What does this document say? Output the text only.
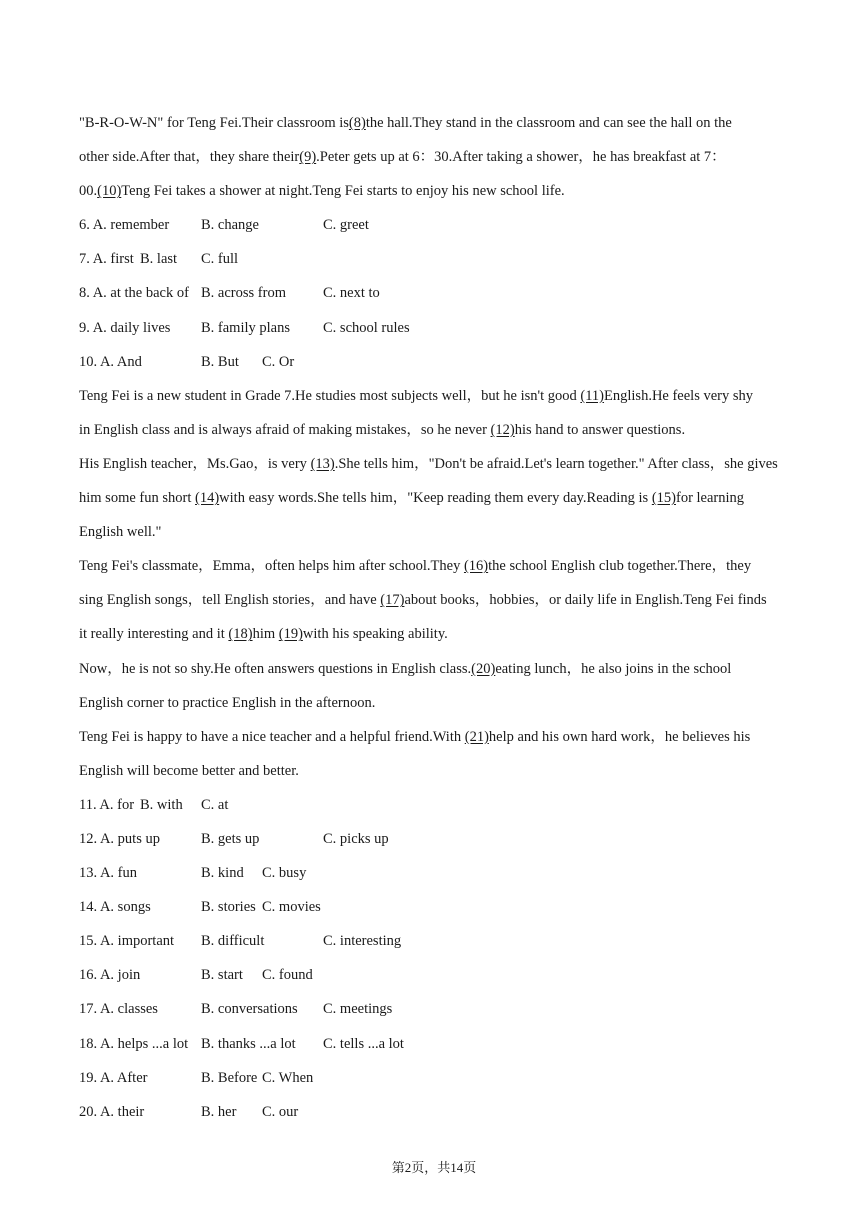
"B-R-O-W-N" for Teng Fei.Their classroom is(8)the hall.They stand in the classroom and can see the hall on the
other side.After that，they share their(9).Peter gets up at 6：30.After taking a shower，he has breakfast at 7：
00.(10)Teng Fei takes a shower at night.Teng Fei starts to enjoy his new school life.
6. A. remember B. change	C. greet
7. A. first B. last C. full
8. A. at the back of B. across from	C. next to
9. A. daily lives B. family plans C. school rules
10. A. And	B. But C. Or
Teng Fei is a new student in Grade 7.He studies most subjects well，but he isn't good (11)English.He feels very shy
in English class and is always afraid of making mistakes，so he never (12)his hand to answer questions.
His English teacher，Ms.Gao，is very (13).She tells him，"Don't be afraid.Let's learn together." After class，she gives
him some fun short (14)with easy words.She tells him，"Keep reading them every day.Reading is (15)for learning
English well."
Teng Fei's classmate，Emma，often helps him after school.They (16)the school English club together.There，they
sing English songs，tell English stories，and have (17)about books，hobbies，or daily life in English.Teng Fei finds
it really interesting and it (18)him (19)with his speaking ability.
Now，he is not so shy.He often answers questions in English class.(20)eating lunch，he also joins in the school
English corner to practice English in the afternoon.
Teng Fei is happy to have a nice teacher and a helpful friend.With (21)help and his own hard work，he believes his
English will become better and better.
11. A. for B. with C. at
12. A. puts up	B. gets up	C. picks up
13. A. fun	B. kind C. busy
14. A. songs	B. stories C. movies
15. A. important B. difficult	C. interesting
16. A. join	B. start C. found
17. A. classes	B. conversations C. meetings
18. A. helps ...a lot B. thanks ...a lot C. tells ...a lot
19. A. After	B. Before C. When
20. A. their	B. her C. our
第2页，共14页
